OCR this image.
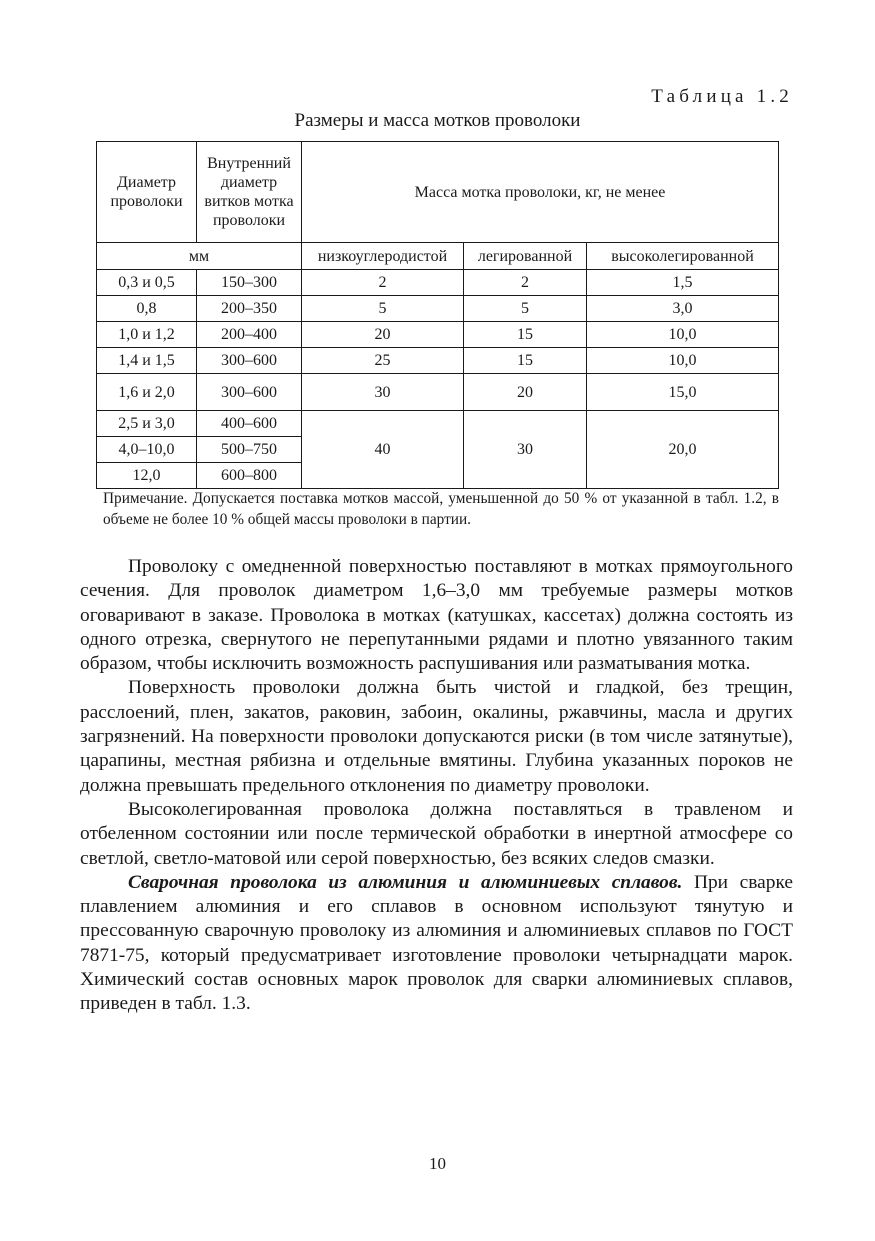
Таблица 1.2
Размеры и масса мотков проволоки
Диаметр проволоки	Внутренний диаметр витков мотка проволоки	Масса мотка проволоки, кг, не менее		
мм		низкоуглеродистой	легированной	высоколегированной
0,3 и 0,5	150–300	2	2	1,5
0,8	200–350	5	5	3,0
1,0 и 1,2	200–400	20	15	10,0
1,4 и 1,5	300–600	25	15	10,0
1,6 и 2,0	300–600	30	20	15,0
2,5 и 3,0	400–600	40	30	20,0
4,0–10,0	500–750			
12,0	600–800			
Примечание. Допускается поставка мотков массой, уменьшенной до 50 % от указанной в табл. 1.2, в объеме не более 10 % общей массы проволоки в партии.

Проволоку с омедненной поверхностью поставляют в мотках прямоугольного сечения. Для проволок диаметром 1,6–3,0 мм требуемые размеры мотков оговаривают в заказе. Проволока в мотках (катушках, кассетах) должна состоять из одного отрезка, свернутого не перепутанными рядами и плотно увязанного таким образом, чтобы исключить возможность распушивания или разматывания мотка.

Поверхность проволоки должна быть чистой и гладкой, без трещин, расслоений, плен, закатов, раковин, забоин, окалины, ржавчины, масла и других загрязнений. На поверхности проволоки допускаются риски (в том числе затянутые), царапины, местная рябизна и отдельные вмятины. Глубина указанных пороков не должна превышать предельного отклонения по диаметру проволоки.

Высоколегированная проволока должна поставляться в травленом и отбеленном состоянии или после термической обработки в инертной атмосфере со светлой, светло-матовой или серой поверхностью, без всяких следов смазки.

Сварочная проволока из алюминия и алюминиевых сплавов. При сварке плавлением алюминия и его сплавов в основном используют тянутую и прессованную сварочную проволоку из алюминия и алюминиевых сплавов по ГОСТ 7871-75, который предусматривает изготовление проволоки четырнадцати марок. Химический состав основных марок проволок для сварки алюминиевых сплавов, приведен в табл. 1.3.

10
